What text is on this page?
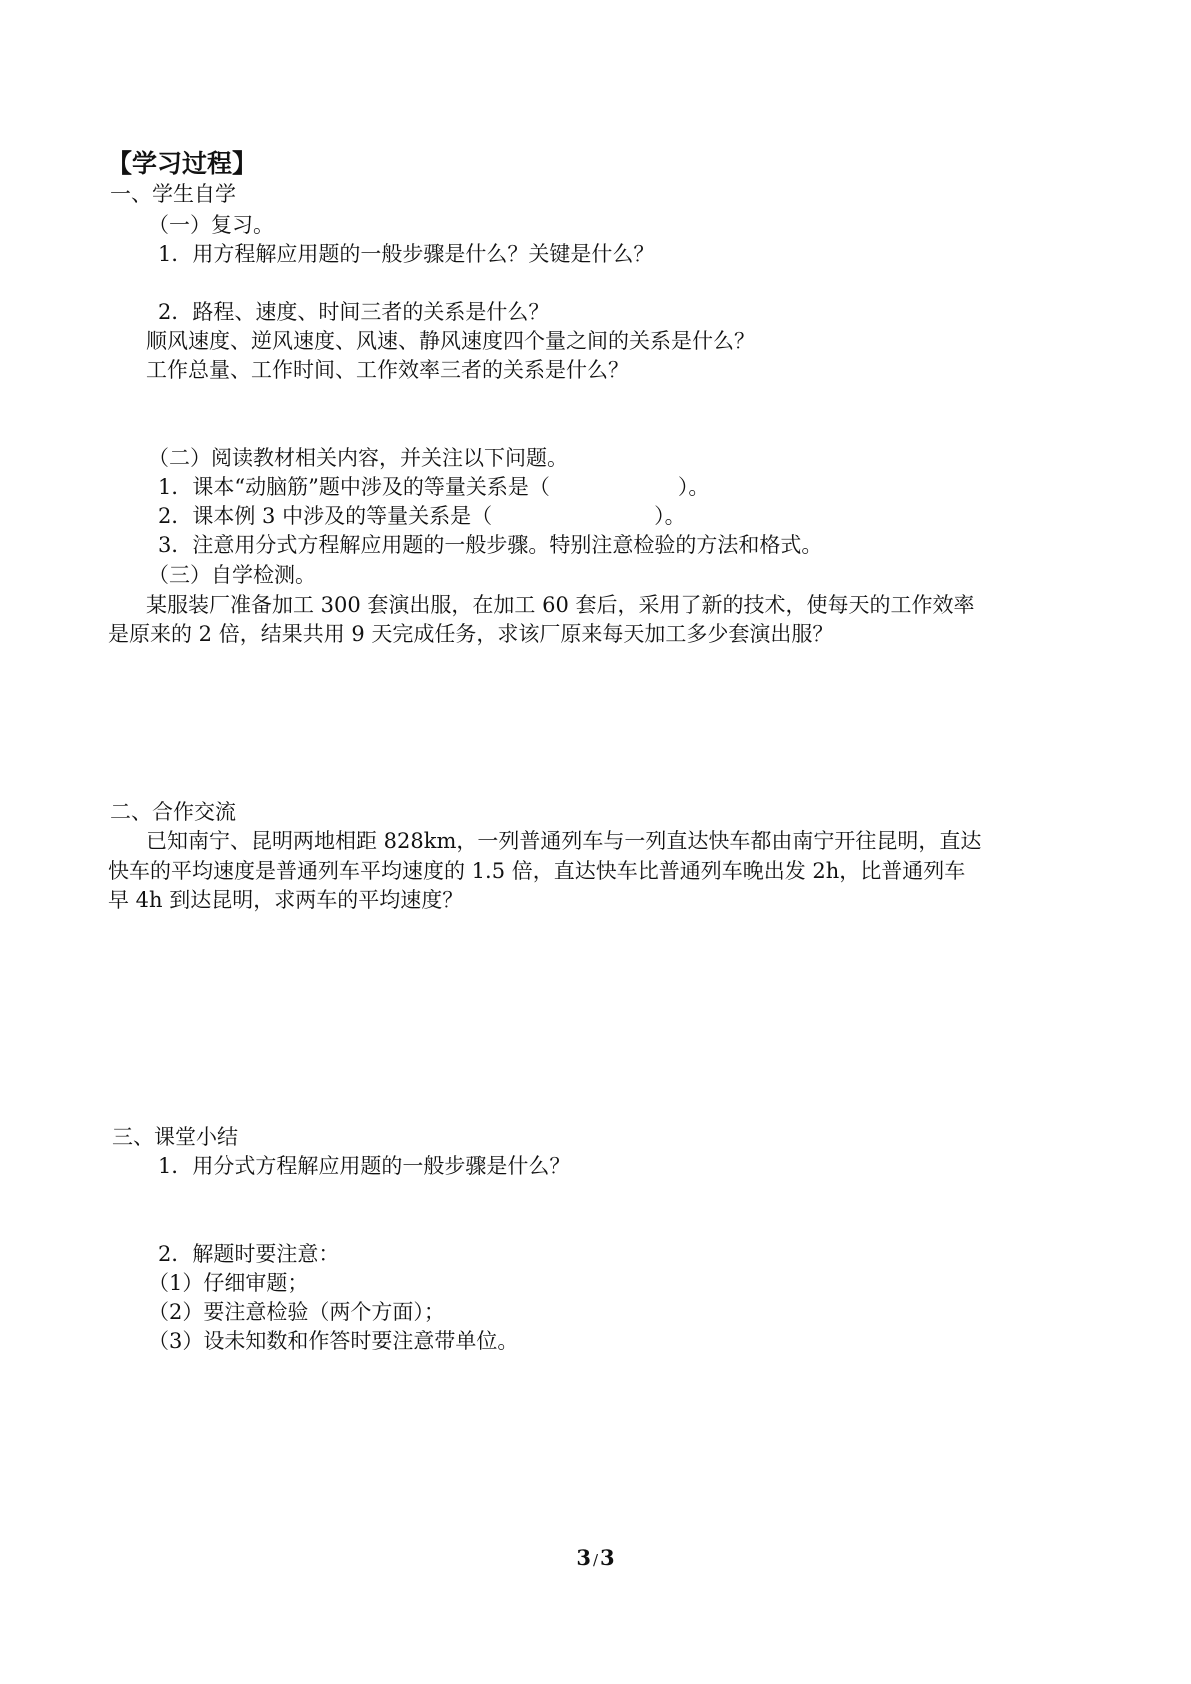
【学习过程】
一、学生自学
（一）复习。
1．用方程解应用题的一般步骤是什么？关键是什么？
2．路程、速度、时间三者的关系是什么？
顺风速度、逆风速度、风速、静风速度四个量之间的关系是什么？
工作总量、工作时间、工作效率三者的关系是什么？
（二）阅读教材相关内容，并关注以下问题。
1．课本“动脑筋”题中涉及的等量关系是（	）。
2．课本例 3 中涉及的等量关系是（	）。
3．注意用分式方程解应用题的一般步骤。特别注意检验的方法和格式。
（三）自学检测。
某服装厂准备加工 300 套演出服，在加工 60 套后，采用了新的技术，使每天的工作效率
是原来的 2 倍，结果共用 9 天完成任务，求该厂原来每天加工多少套演出服？
二、合作交流
已知南宁、昆明两地相距 828km，一列普通列车与一列直达快车都由南宁开往昆明，直达
快车的平均速度是普通列车平均速度的 1.5 倍，直达快车比普通列车晚出发 2h，比普通列车
早 4h 到达昆明，求两车的平均速度？
三、课堂小结
1．用分式方程解应用题的一般步骤是什么？
2．解题时要注意：
（1）仔细审题；
（2）要注意检验（两个方面）；
（3）设未知数和作答时要注意带单位。
3 /3
